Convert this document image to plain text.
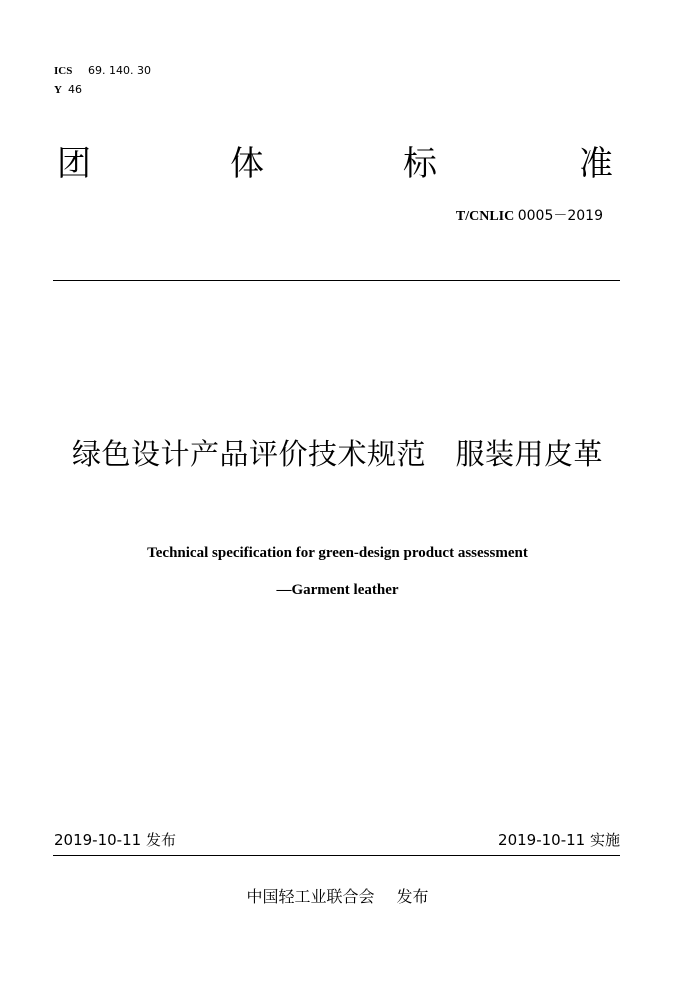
ICS 69. 140. 30
Y 46
团	体	标	准
T/CNLIC 0005－2019
绿色设计产品评价技术规范　服装用皮革
Technical specification for green-design product assessment
—Garment leather
2019-10-11 发布	2019-10-11 实施
中国轻工业联合会 发布
